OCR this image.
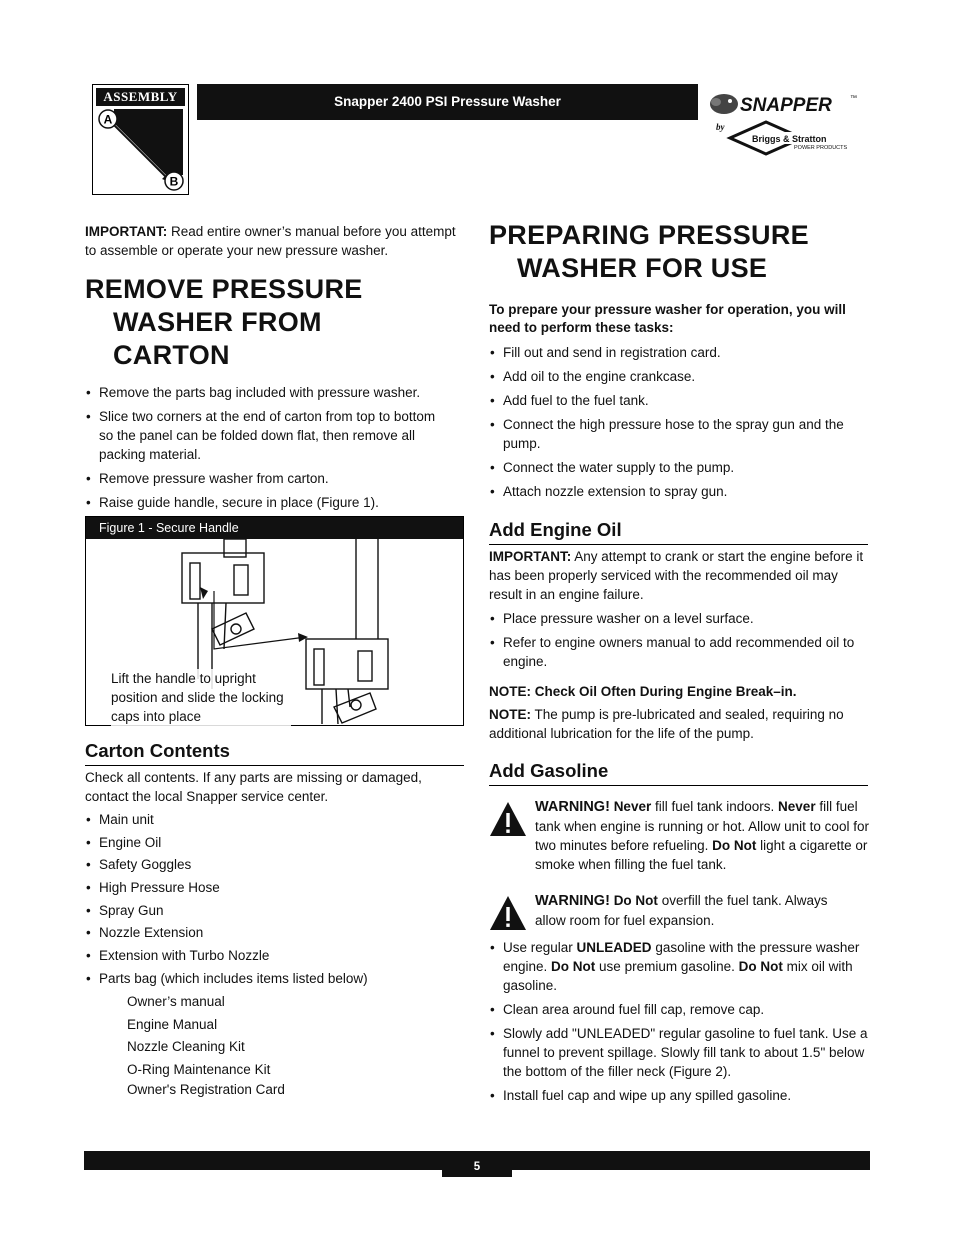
ASSEMBLY
A
B
Snapper 2400 PSI Pressure Washer	SNAPPER	™
by
Briggs & Stratton
POWER PRODUCTS
IMPORTANT: Read entire owner’s manual before you attempt to assemble or operate your new pressure washer.
REMOVE PRESSURE
WASHER FROM
CARTON
• Remove the parts bag included with pressure washer.
• Slice two corners at the end of carton from top to bottom so the panel can be folded down flat, then remove all packing material.
• Remove pressure washer from carton.
• Raise guide handle, secure in place (Figure 1).
Figure 1 - Secure Handle
Lift the handle to upright position and slide the locking caps into place
Carton Contents
Check all contents. If any parts are missing or damaged, contact the local Snapper service center.
• Main unit
• Engine Oil
• Safety Goggles
• High Pressure Hose
• Spray Gun
• Nozzle Extension
• Extension with Turbo Nozzle
• Parts bag (which includes items listed below)
Owner’s manual
Engine Manual
Nozzle Cleaning Kit
O-Ring Maintenance Kit
Owner's Registration Card
PREPARING PRESSURE
WASHER FOR USE
To prepare your pressure washer for operation, you will need to perform these tasks:
• Fill out and send in registration card.
• Add oil to the engine crankcase.
• Add fuel to the fuel tank.
• Connect the high pressure hose to the spray gun and the pump.
• Connect the water supply to the pump.
• Attach nozzle extension to spray gun.
Add Engine Oil
IMPORTANT: Any attempt to crank or start the engine before it has been properly serviced with the recommended oil may result in an engine failure.
• Place pressure washer on a level surface.
• Refer to engine owners manual to add recommended oil to engine.
NOTE: Check Oil Often During Engine Break–in.
NOTE: The pump is pre-lubricated and sealed, requiring no additional lubrication for the life of the pump.
Add Gasoline
WARNING! Never fill fuel tank indoors. Never fill fuel tank when engine is running or hot. Allow unit to cool for two minutes before refueling. Do Not light a cigarette or smoke when filling the fuel tank.
WARNING! Do Not overfill the fuel tank. Always allow room for fuel expansion.
• Use regular UNLEADED gasoline with the pressure washer engine. Do Not use premium gasoline. Do Not mix oil with gasoline.
• Clean area around fuel fill cap, remove cap.
• Slowly add "UNLEADED" regular gasoline to fuel tank. Use a funnel to prevent spillage. Slowly fill tank to about 1.5" below the bottom of the filler neck (Figure 2).
• Install fuel cap and wipe up any spilled gasoline.
5
